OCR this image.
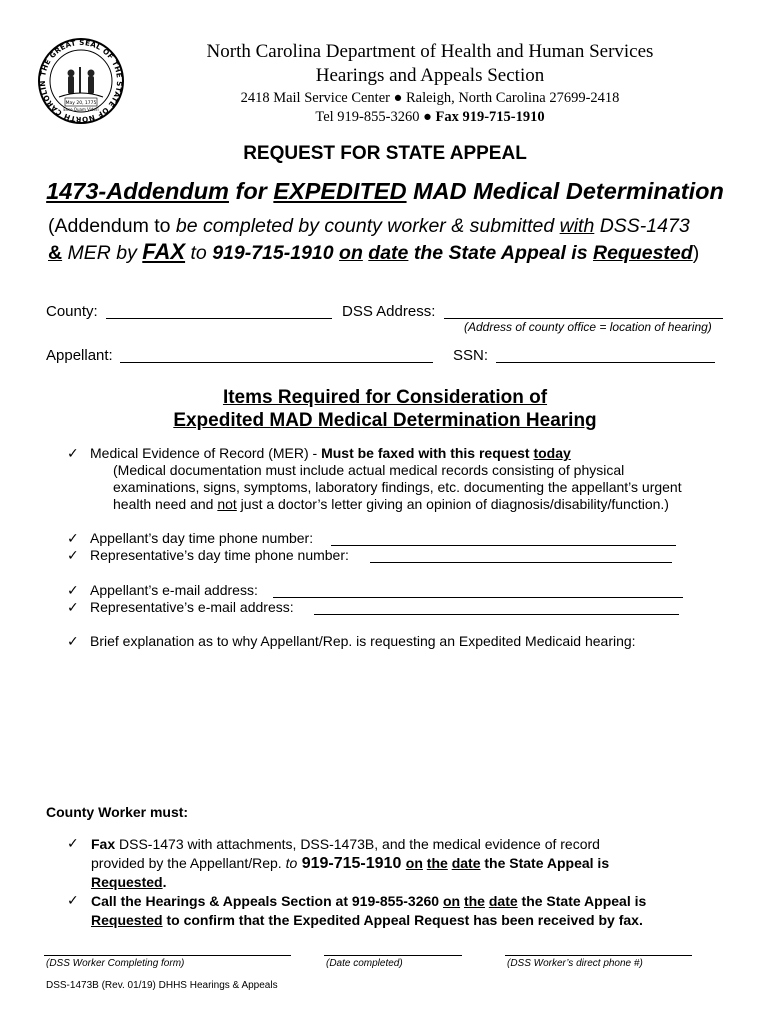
THE GREAT SEAL OF THE STATE OF NORTH CAROLIN
May 20, 1775
Esse Quam Videri
North Carolina Department of Health and Human Services
Hearings and Appeals Section
2418 Mail Service Center ● Raleigh, North Carolina 27699-2418
Tel 919-855-3260 ● Fax 919-715-1910
REQUEST FOR STATE APPEAL
1473-Addendum for EXPEDITED MAD Medical Determination
(Addendum to be completed by county worker & submitted with DSS-1473
& MER by FAX to 919-715-1910 on date the State Appeal is Requested)
County:	DSS Address:
(Address of county office = location of hearing)
Appellant:	SSN:
Items Required for Consideration of
Expedited MAD Medical Determination Hearing
✓ Medical Evidence of Record (MER) - Must be faxed with this request today
(Medical documentation must include actual medical records consisting of physical
examinations, signs, symptoms, laboratory findings, etc. documenting the appellant’s urgent
health need and not just a doctor’s letter giving an opinion of diagnosis/disability/function.)
✓ Appellant’s day time phone number:
✓ Representative’s day time phone number:
✓ Appellant’s e-mail address:
✓ Representative’s e-mail address:
✓ Brief explanation as to why Appellant/Rep. is requesting an Expedited Medicaid hearing:
County Worker must:
✓ Fax DSS-1473 with attachments, DSS-1473B, and the medical evidence of record
provided by the Appellant/Rep. to 919-715-1910 on the date the State Appeal is
Requested.
✓ Call the Hearings & Appeals Section at 919-855-3260 on the date the State Appeal is
Requested to confirm that the Expedited Appeal Request has been received by fax.
(DSS Worker Completing form)	(Date completed)	(DSS Worker’s direct phone #)
DSS-1473B (Rev. 01/19) DHHS Hearings & Appeals
